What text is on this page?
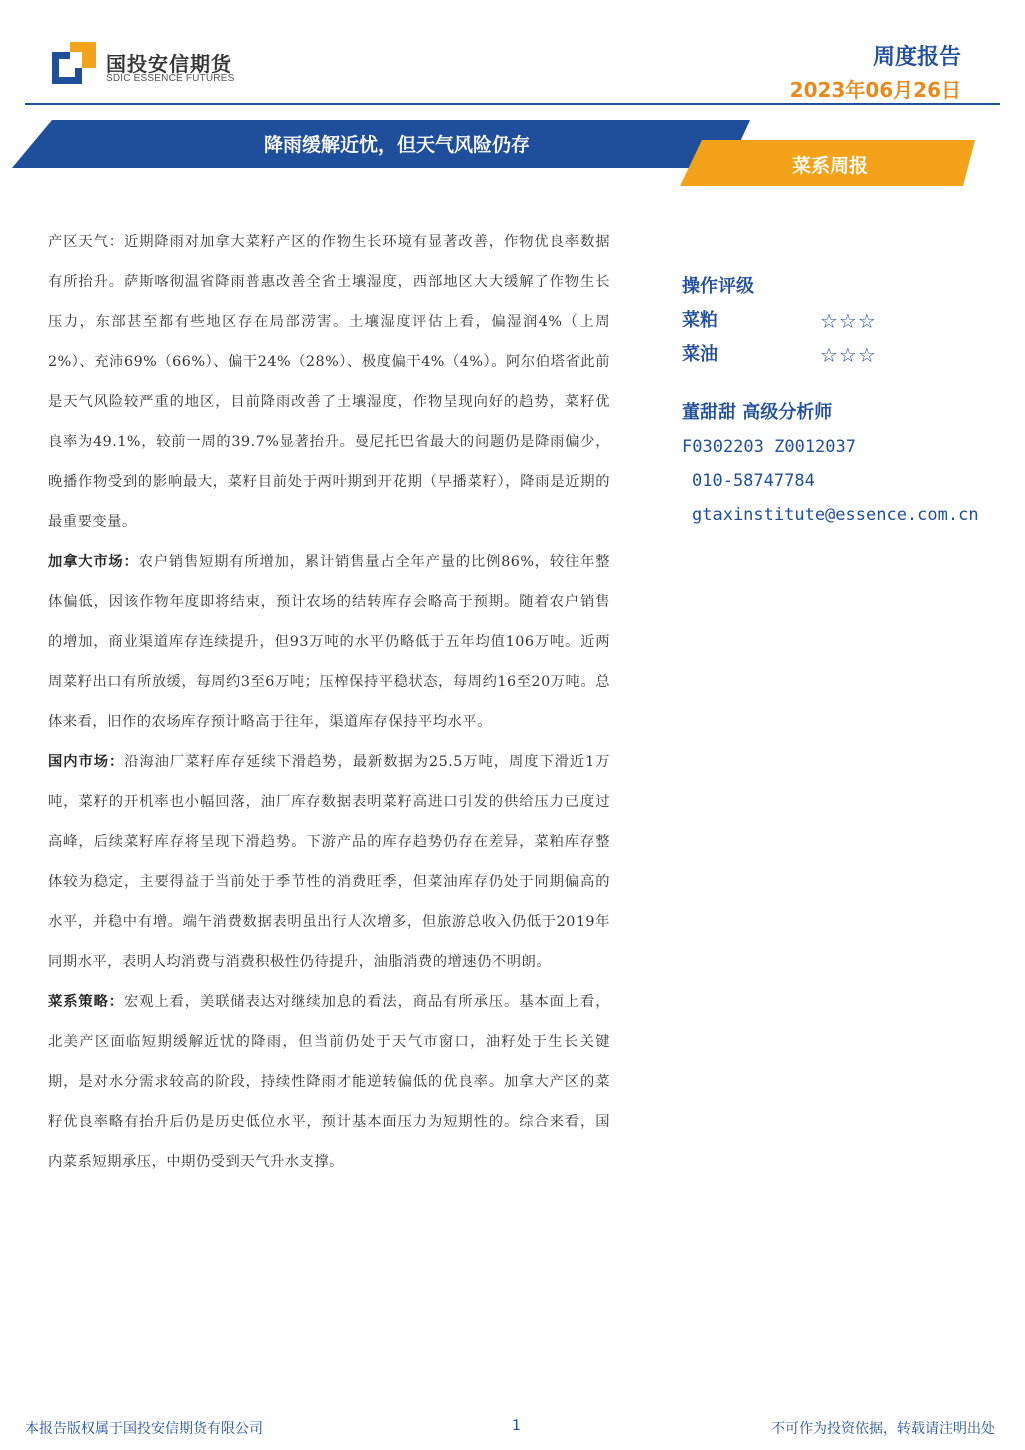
国投安信期货
SDIC ESSENCE FUTURES
周度报告
2023年06月26日
降雨缓解近忧，但天气风险仍存
菜系周报

产区天气：近期降雨对加拿大菜籽产区的作物生长环境有显著改善，作物优良率数据有所抬升。萨斯喀彻温省降雨普惠改善全省土壤湿度，西部地区大大缓解了作物生长压力，东部甚至都有些地区存在局部涝害。土壤湿度评估上看，偏湿润4%（上周2%）、充沛69%（66%）、偏干24%（28%）、极度偏干4%（4%）。阿尔伯塔省此前是天气风险较严重的地区，目前降雨改善了土壤湿度，作物呈现向好的趋势，菜籽优良率为49.1%，较前一周的39.7%显著抬升。曼尼托巴省最大的问题仍是降雨偏少，晚播作物受到的影响最大，菜籽目前处于两叶期到开花期（早播菜籽），降雨是近期的最重要变量。

加拿大市场：农户销售短期有所增加，累计销售量占全年产量的比例86%，较往年整体偏低，因该作物年度即将结束，预计农场的结转库存会略高于预期。随着农户销售的增加，商业渠道库存连续提升，但93万吨的水平仍略低于五年均值106万吨。近两周菜籽出口有所放缓，每周约3至6万吨；压榨保持平稳状态，每周约16至20万吨。总体来看，旧作的农场库存预计略高于往年，渠道库存保持平均水平。

国内市场：沿海油厂菜籽库存延续下滑趋势，最新数据为25.5万吨，周度下滑近1万吨，菜籽的开机率也小幅回落，油厂库存数据表明菜籽高进口引发的供给压力已度过高峰，后续菜籽库存将呈现下滑趋势。下游产品的库存趋势仍存在差异，菜粕库存整体较为稳定，主要得益于当前处于季节性的消费旺季，但菜油库存仍处于同期偏高的水平，并稳中有增。端午消费数据表明虽出行人次增多，但旅游总收入仍低于2019年同期水平，表明人均消费与消费积极性仍待提升，油脂消费的增速仍不明朗。

菜系策略：宏观上看，美联储表达对继续加息的看法，商品有所承压。基本面上看，北美产区面临短期缓解近忧的降雨，但当前仍处于天气市窗口，油籽处于生长关键期，是对水分需求较高的阶段，持续性降雨才能逆转偏低的优良率。加拿大产区的菜籽优良率略有抬升后仍是历史低位水平，预计基本面压力为短期性的。综合来看，国内菜系短期承压，中期仍受到天气升水支撑。

操作评级
菜粕	☆☆☆
菜油	☆☆☆
董甜甜 高级分析师
F0302203 Z0012037
010-58747784
gtaxinstitute@essence.com.cn
本报告版权属于国投安信期货有限公司	1	不可作为投资依据，转载请注明出处
